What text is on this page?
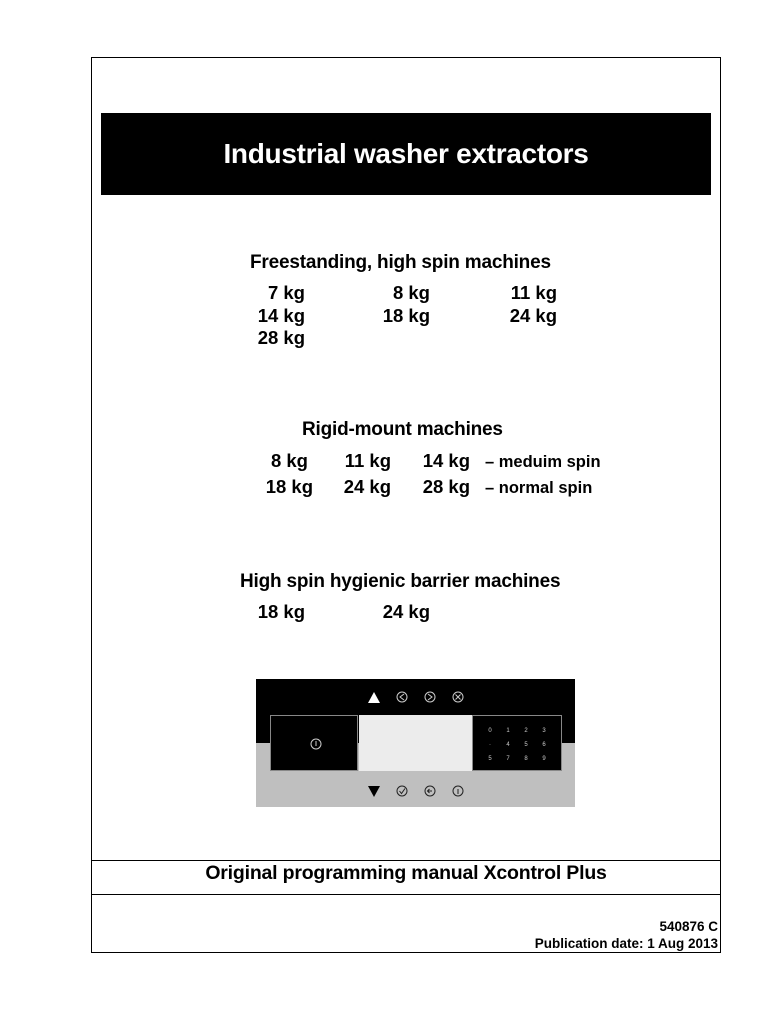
Industrial washer extractors
Freestanding, high spin machines
7 kg	8 kg	11 kg
14 kg	18 kg	24 kg
28 kg
Rigid-mount machines
8 kg	11 kg	14 kg – meduim spin
18 kg	24 kg	28 kg – normal spin
High spin hygienic barrier machines
18 kg	24 kg
0	1	2	3
·	4	5	6
5	7	8	9
Original programming manual Xcontrol Plus
540876 C
Publication date: 1 Aug 2013
